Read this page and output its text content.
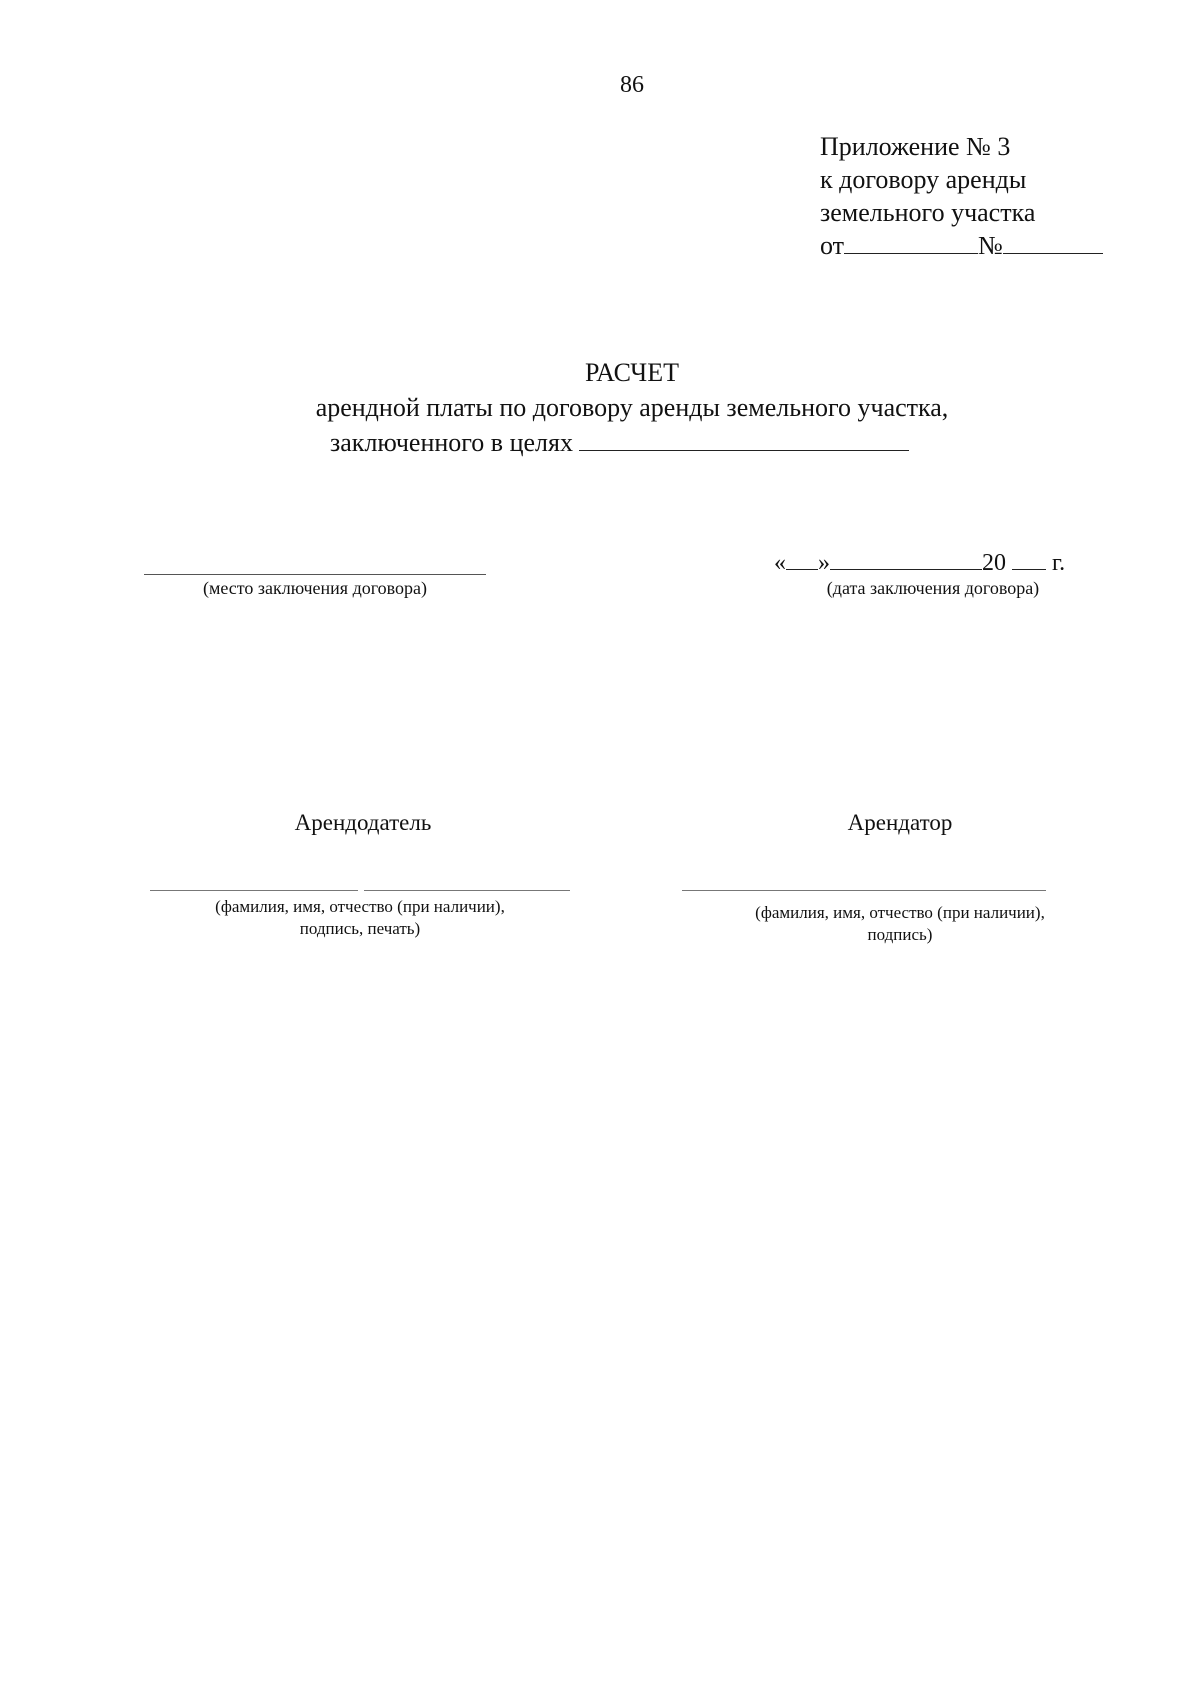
86
Приложение № 3
к договору аренды
земельного участка
от	№
РАСЧЕТ
арендной платы по договору аренды земельного участка,
заключенного в целях
(место заключения договора)
« »	20 г.
(дата заключения договора)
Арендодатель	Арендатор
(фамилия, имя, отчество (при наличии),
подпись, печать)
(фамилия, имя, отчество (при наличии),
подпись)
